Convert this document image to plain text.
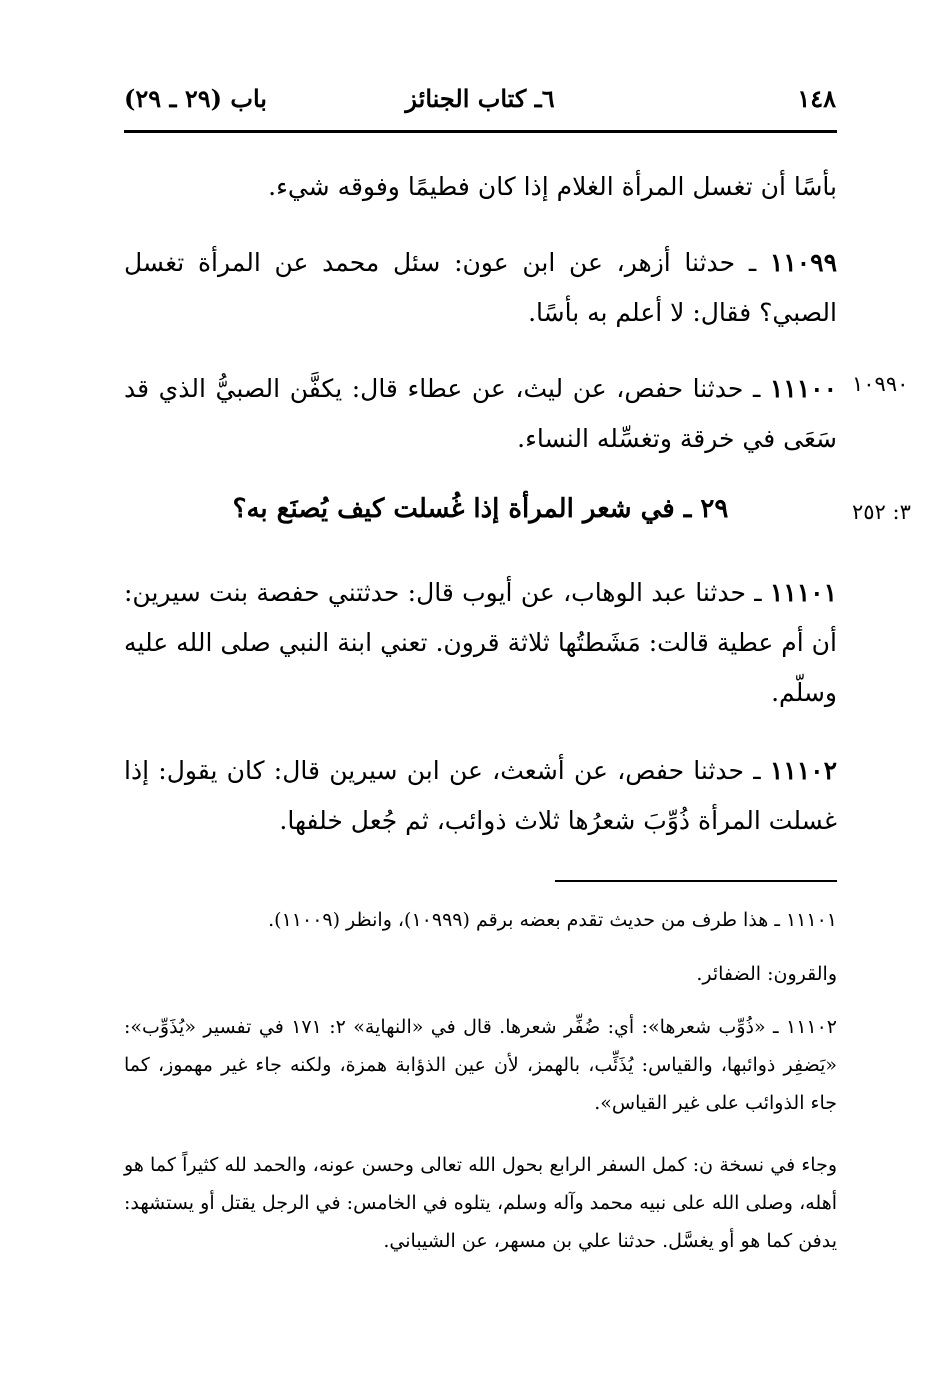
١٤٨
٦ـ كتاب الجنائز
باب (٢٩ ـ ٢٩)

بأسًا أن تغسل المرأة الغلام إذا كان فطيمًا وفوقه شيء.

١١٠٩٩ ـ حدثنا أزهر، عن ابن عون: سئل محمد عن المرأة تغسل الصبي؟ فقال: لا أعلم به بأسًا.

١٠٩٩٠

١١١٠٠ ـ حدثنا حفص، عن ليث، عن عطاء قال: يكفَّن الصبيُّ الذي قد سَعَى في خرقة وتغسِّله النساء.

٣: ٢٥٢
٢٩ ـ في شعر المرأة إذا غُسلت كيف يُصنَع به؟

١١١٠١ ـ حدثنا عبد الوهاب، عن أيوب قال: حدثتني حفصة بنت سيرين: أن أم عطية قالت: مَشَطتُها ثلاثة قرون. تعني ابنة النبي صلى الله عليه وسلّم.

١١١٠٢ ـ حدثنا حفص، عن أشعث، عن ابن سيرين قال: كان يقول: إذا غسلت المرأة ذُوِّبَ شعرُها ثلاث ذوائب، ثم جُعل خلفها.

١١١٠١ ـ هذا طرف من حديث تقدم بعضه برقم (١٠٩٩٩)، وانظر (١١٠٠٩).
والقرون: الضفائر.
١١١٠٢ ـ «ذُوِّب شعرها»: أي: ضُفِّر شعرها. قال في «النهاية» ٢: ١٧١ في تفسير «يُذَوِّب»: «يَضفِر ذوائبها، والقياس: يُذَئِّب، بالهمز، لأن عين الذؤابة همزة، ولكنه جاء غير مهموز، كما جاء الذوائب على غير القياس».
وجاء في نسخة ن: كمل السفر الرابع بحول الله تعالى وحسن عونه، والحمد لله كثيراً كما هو أهله، وصلى الله على نبيه محمد وآله وسلم، يتلوه في الخامس: في الرجل يقتل أو يستشهد: يدفن كما هو أو يغسَّل. حدثنا علي بن مسهر، عن الشيباني.
